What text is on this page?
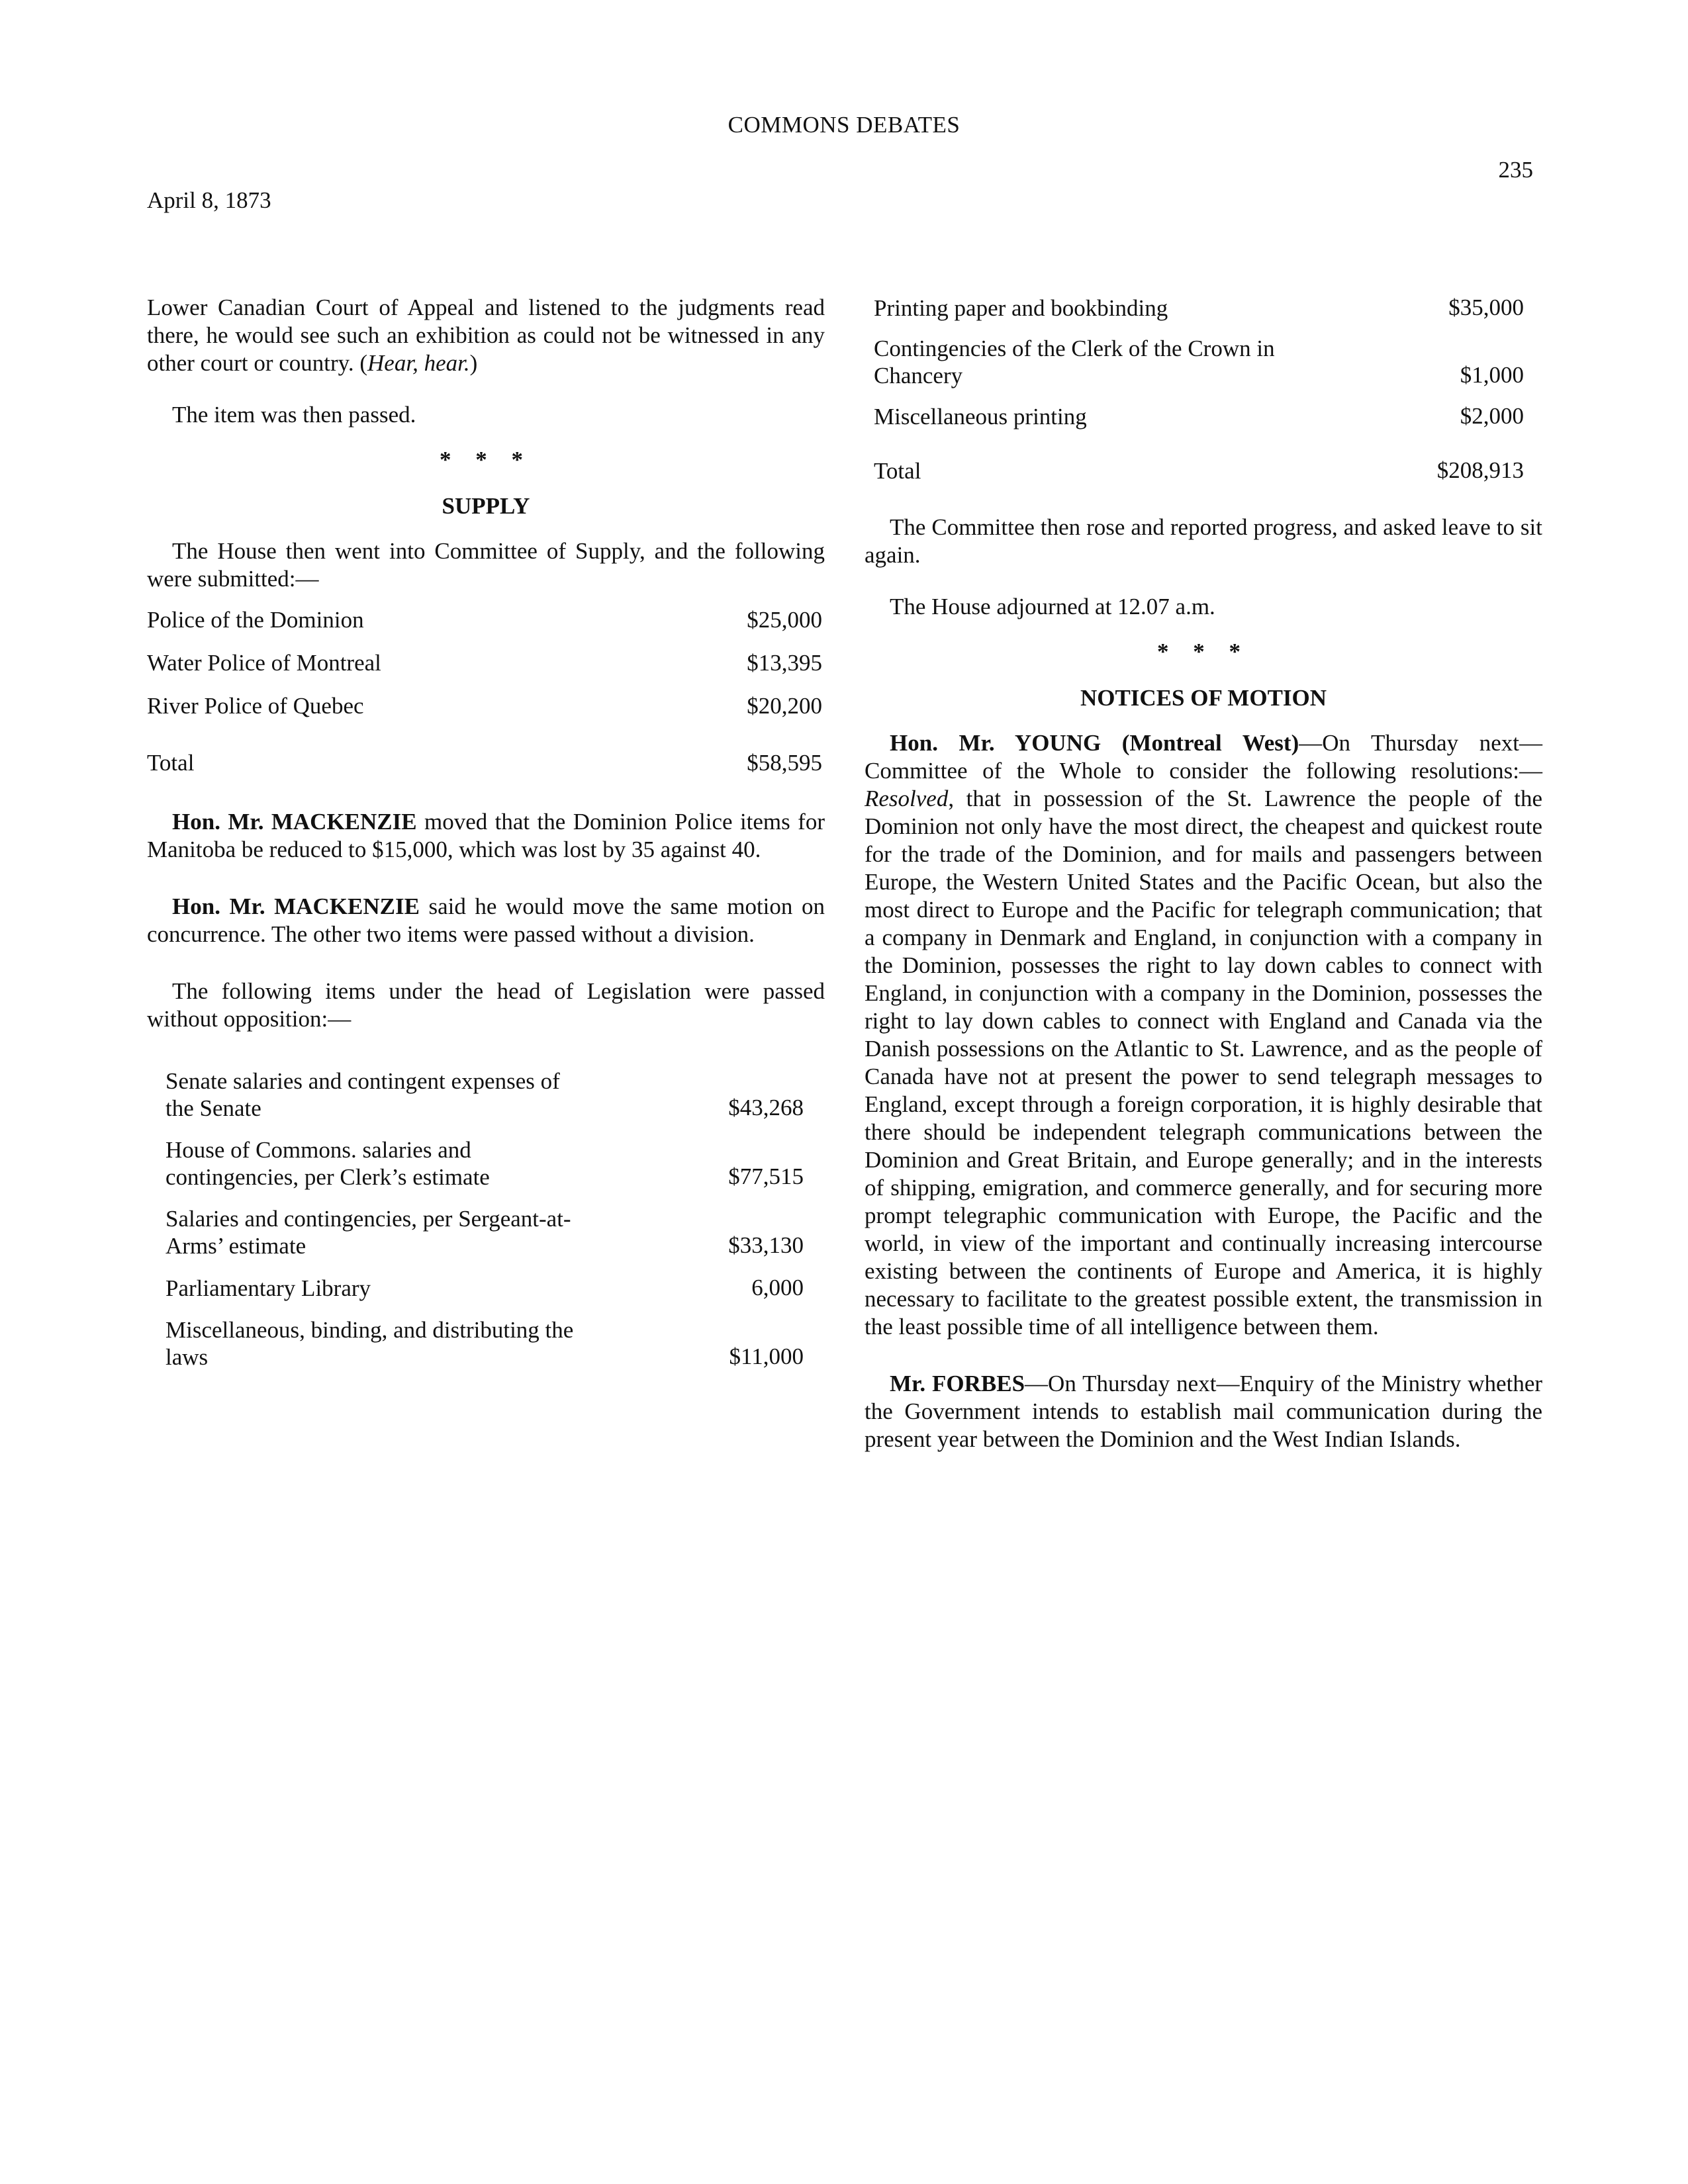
COMMONS DEBATES
235
April 8, 1873

Lower Canadian Court of Appeal and listened to the judgments read there, he would see such an exhibition as could not be witnessed in any other court or country. (Hear, hear.)

The item was then passed.

* * *
SUPPLY

The House then went into Committee of Supply, and the following were submitted:—

Police of the Dominion	$25,000
Water Police of Montreal	$13,395
River Police of Quebec	$20,200
Total	$58,595

Hon. Mr. MACKENZIE moved that the Dominion Police items for Manitoba be reduced to $15,000, which was lost by 35 against 40.

Hon. Mr. MACKENZIE said he would move the same motion on concurrence. The other two items were passed without a division.

The following items under the head of Legislation were passed without opposition:—

Senate salaries and contingent expenses of the Senate	$43,268
House of Commons. salaries and contingencies, per Clerk’s estimate	$77,515
Salaries and contingencies, per Sergeant-at-Arms’ estimate	$33,130
Parliamentary Library	6,000
Miscellaneous, binding, and distributing the laws	$11,000
Printing paper and bookbinding	$35,000
Contingencies of the Clerk of the Crown in Chancery	$1,000
Miscellaneous printing	$2,000
Total	$208,913

The Committee then rose and reported progress, and asked leave to sit again.

The House adjourned at 12.07 a.m.

* * *
NOTICES OF MOTION

Hon. Mr. YOUNG (Montreal West)—On Thursday next—Committee of the Whole to consider the following resolutions:— Resolved, that in possession of the St. Lawrence the people of the Dominion not only have the most direct, the cheapest and quickest route for the trade of the Dominion, and for mails and passengers between Europe, the Western United States and the Pacific Ocean, but also the most direct to Europe and the Pacific for telegraph communication; that a company in Denmark and England, in conjunction with a company in the Dominion, possesses the right to lay down cables to connect with England, in conjunction with a company in the Dominion, possesses the right to lay down cables to connect with England and Canada via the Danish possessions on the Atlantic to St. Lawrence, and as the people of Canada have not at present the power to send telegraph messages to England, except through a foreign corporation, it is highly desirable that there should be independent telegraph communications between the Dominion and Great Britain, and Europe generally; and in the interests of shipping, emigration, and commerce generally, and for securing more prompt telegraphic communication with Europe, the Pacific and the world, in view of the important and continually increasing intercourse existing between the continents of Europe and America, it is highly necessary to facilitate to the greatest possible extent, the transmission in the least possible time of all intelligence between them.

Mr. FORBES—On Thursday next—Enquiry of the Ministry whether the Government intends to establish mail communication during the present year between the Dominion and the West Indian Islands.
